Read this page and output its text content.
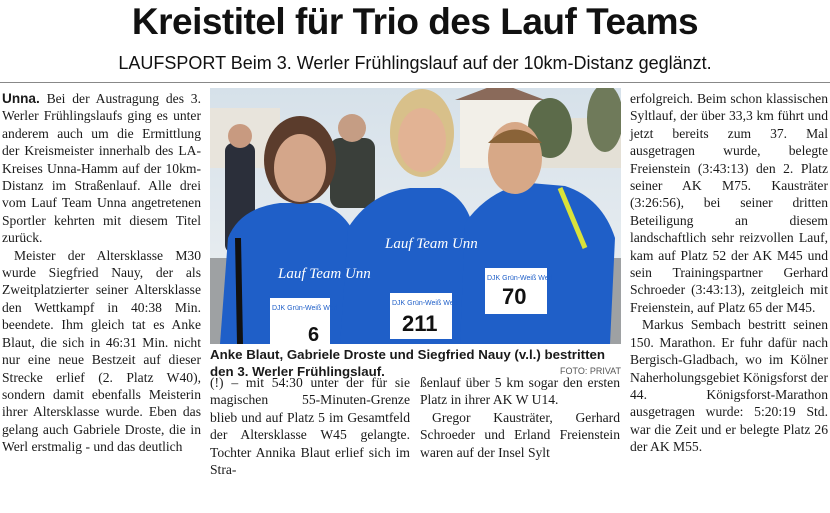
Kreistitel für Trio des Lauf Teams
LAUFSPORT Beim 3. Werler Frühlingslauf auf der 10km-Distanz geglänzt.

Unna. Bei der Austragung des 3. Werler Frühlingslaufs ging es unter anderem auch um die Ermittlung der Kreismeister innerhalb des LA-Kreises Unna-Hamm auf der 10km-Distanz im Straßenlauf. Alle drei vom Lauf Team Unna angetretenen Sportler kehrten mit diesem Titel zurück.

Meister der Altersklasse M30 wurde Siegfried Nauy, der als Zweitplatzierter seiner Altersklasse den Wettkampf in 40:38 Min. beendete. Ihm gleich tat es Anke Blaut, die sich in 46:31 Min. nicht nur eine neue Bestzeit auf dieser Strecke erlief (2. Platz W40), sondern damit ebenfalls Meisterin ihrer Altersklasse wurde. Eben das gelang auch Gabriele Droste, die in Werl erstmalig - und das deutlich

Lauf Team Unn
Lauf Team Unn
DJK Grün-Weiß Werl
DJK Grün-Weiß Werl
DJK Grün-Weiß Werl
6	211
70
Anke Blaut, Gabriele Droste und Siegfried Nauy (v.l.) bestritten den 3. Werler Frühlingslauf.	FOTO: PRIVAT

(!) – mit 54:30 unter der für sie magischen 55-Minuten-Grenze blieb und auf Platz 5 im Gesamtfeld der Altersklasse W45 gelangte. Tochter Annika Blaut erlief sich im Stra-

ßenlauf über 5 km sogar den ersten Platz in ihrer AK W U14.

Gregor Kausträter, Gerhard Schroeder und Erland Freienstein waren auf der Insel Sylt

erfolgreich. Beim schon klassischen Syltlauf, der über 33,3 km führt und jetzt bereits zum 37. Mal ausgetragen wurde, belegte Freienstein (3:43:13) den 2. Platz seiner AK M75. Kausträter (3:26:56), bei seiner dritten Beteiligung an diesem landschaftlich sehr reizvollen Lauf, kam auf Platz 52 der AK M45 und sein Trainingspartner Gerhard Schroeder (3:43:13), zeitgleich mit Freienstein, auf Platz 65 der M45.

Markus Sembach bestritt seinen 150. Marathon. Er fuhr dafür nach Bergisch-Gladbach, wo im Kölner Naherholungsgebiet Königsforst der 44. Königsforst-Marathon ausgetragen wurde: 5:20:19 Std. war die Zeit und er belegte Platz 26 der AK M55.
